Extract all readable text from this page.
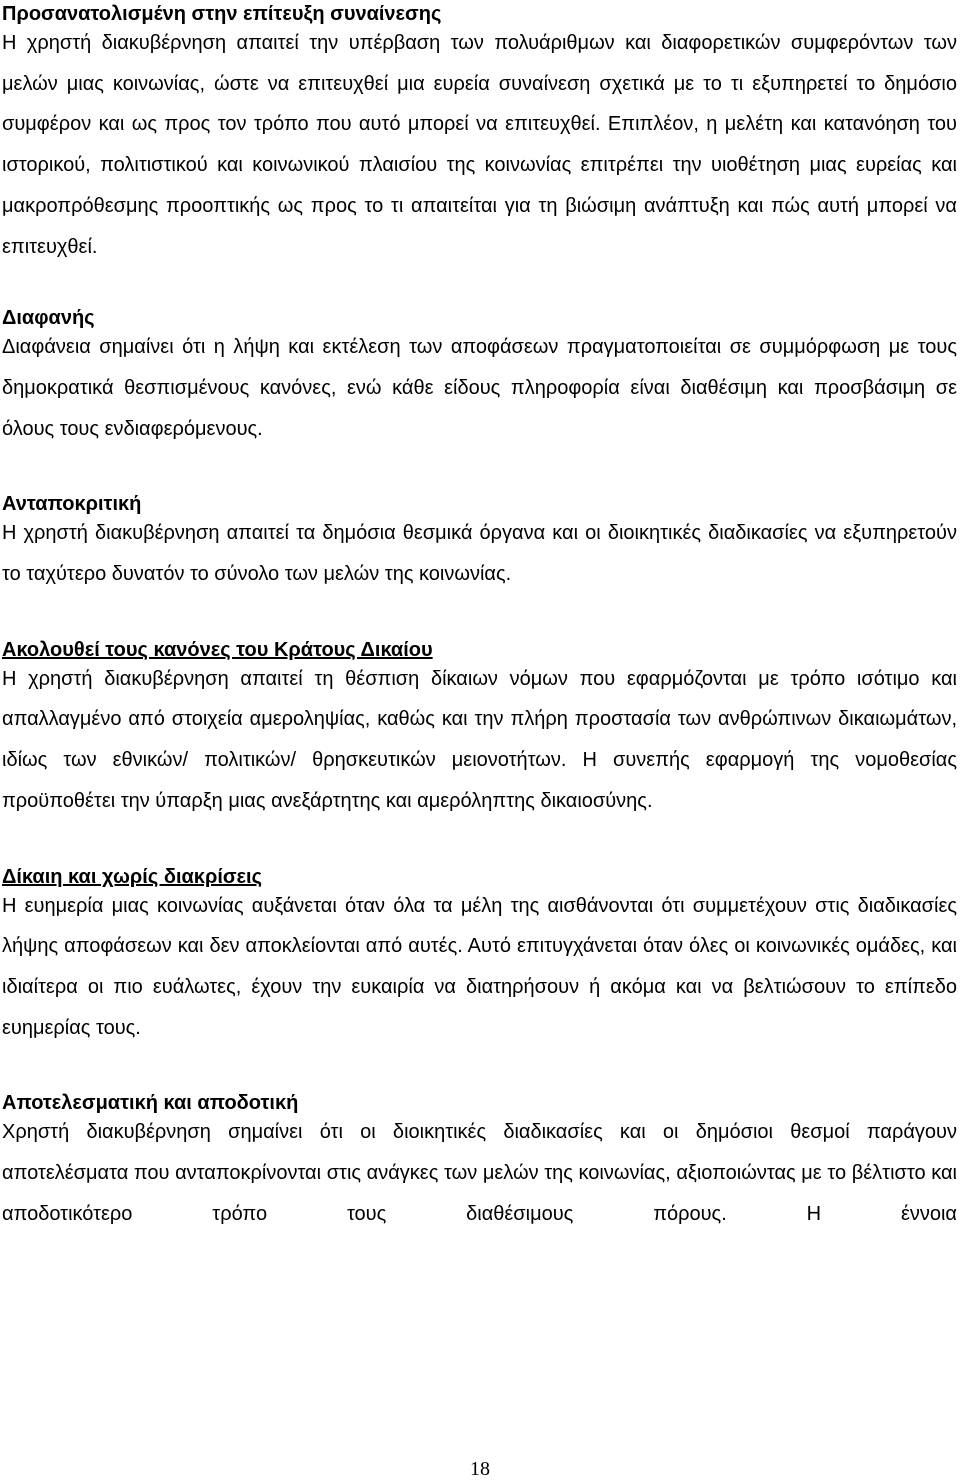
Προσανατολισμένη στην επίτευξη συναίνεσης

Η χρηστή διακυβέρνηση απαιτεί την υπέρβαση των πολυάριθμων και διαφορετικών συμφερόντων των μελών μιας κοινωνίας, ώστε να επιτευχθεί μια ευρεία συναίνεση σχετικά με το τι εξυπηρετεί το δημόσιο συμφέρον και ως προς τον τρόπο που αυτό μπορεί να επιτευχθεί. Επιπλέον, η μελέτη και κατανόηση του ιστορικού, πολιτιστικού και κοινωνικού πλαισίου της κοινωνίας επιτρέπει την υιοθέτηση μιας ευρείας και μακροπρόθεσμης προοπτικής ως προς το τι απαιτείται για τη βιώσιμη ανάπτυξη και πώς αυτή μπορεί να επιτευχθεί.

Διαφανής

Διαφάνεια σημαίνει ότι η λήψη και εκτέλεση των αποφάσεων πραγματοποιείται σε συμμόρφωση με τους δημοκρατικά θεσπισμένους κανόνες, ενώ κάθε είδους πληροφορία είναι διαθέσιμη και προσβάσιμη σε όλους τους ενδιαφερόμενους.

Ανταποκριτική

Η χρηστή διακυβέρνηση απαιτεί τα δημόσια θεσμικά όργανα και οι διοικητικές διαδικασίες να εξυπηρετούν το ταχύτερο δυνατόν το σύνολο των μελών της κοινωνίας.

Ακολουθεί τους κανόνες του Κράτους Δικαίου

Η χρηστή διακυβέρνηση απαιτεί τη θέσπιση δίκαιων νόμων που εφαρμόζονται με τρόπο ισότιμο και απαλλαγμένο από στοιχεία αμεροληψίας, καθώς και την πλήρη προστασία των ανθρώπινων δικαιωμάτων, ιδίως των εθνικών/ πολιτικών/ θρησκευτικών μειονοτήτων. Η συνεπής εφαρμογή της νομοθεσίας προϋποθέτει την ύπαρξη μιας ανεξάρτητης και αμερόληπτης δικαιοσύνης.

Δίκαιη και χωρίς διακρίσεις

Η ευημερία μιας κοινωνίας αυξάνεται όταν όλα τα μέλη της αισθάνονται ότι συμμετέχουν στις διαδικασίες λήψης αποφάσεων και δεν αποκλείονται από αυτές. Αυτό επιτυγχάνεται όταν όλες οι κοινωνικές ομάδες, και ιδιαίτερα οι πιο ευάλωτες, έχουν την ευκαιρία να διατηρήσουν ή ακόμα και να βελτιώσουν το επίπεδο ευημερίας τους.

Αποτελεσματική και αποδοτική

Χρηστή διακυβέρνηση σημαίνει ότι οι διοικητικές διαδικασίες και οι δημόσιοι θεσμοί παράγουν αποτελέσματα που ανταποκρίνονται στις ανάγκες των μελών της κοινωνίας, αξιοποιώντας με το βέλτιστο και αποδοτικότερο τρόπο τους διαθέσιμους πόρους. Η έννοια

18
